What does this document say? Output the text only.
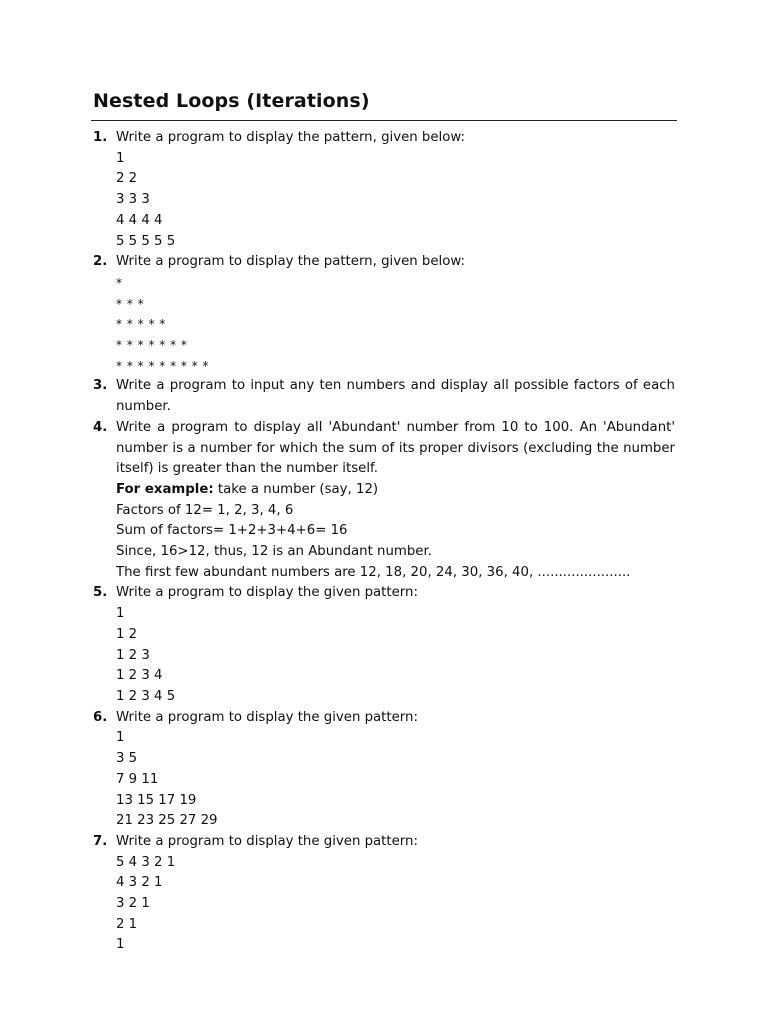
Nested Loops (Iterations)
1. Write a program to display the pattern, given below:
1
2 2
3 3 3
4 4 4 4
5 5 5 5 5
2. Write a program to display the pattern, given below:
*
* * *
* * * * *
* * * * * * *
* * * * * * * * *
3. Write a program to input any ten numbers and display all possible factors of each number.
4. Write a program to display all 'Abundant' number from 10 to 100. An 'Abundant' number is a number for which the sum of its proper divisors (excluding the number itself) is greater than the number itself.
For example: take a number (say, 12)
Factors of 12= 1, 2, 3, 4, 6
Sum of factors= 1+2+3+4+6= 16
Since, 16>12, thus, 12 is an Abundant number.
The first few abundant numbers are 12, 18, 20, 24, 30, 36, 40, ......................
5. Write a program to display the given pattern:
1
1 2
1 2 3
1 2 3 4
1 2 3 4 5
6. Write a program to display the given pattern:
1
3 5
7 9 11
13 15 17 19
21 23 25 27 29
7. Write a program to display the given pattern:
5 4 3 2 1
4 3 2 1
3 2 1
2 1
1
